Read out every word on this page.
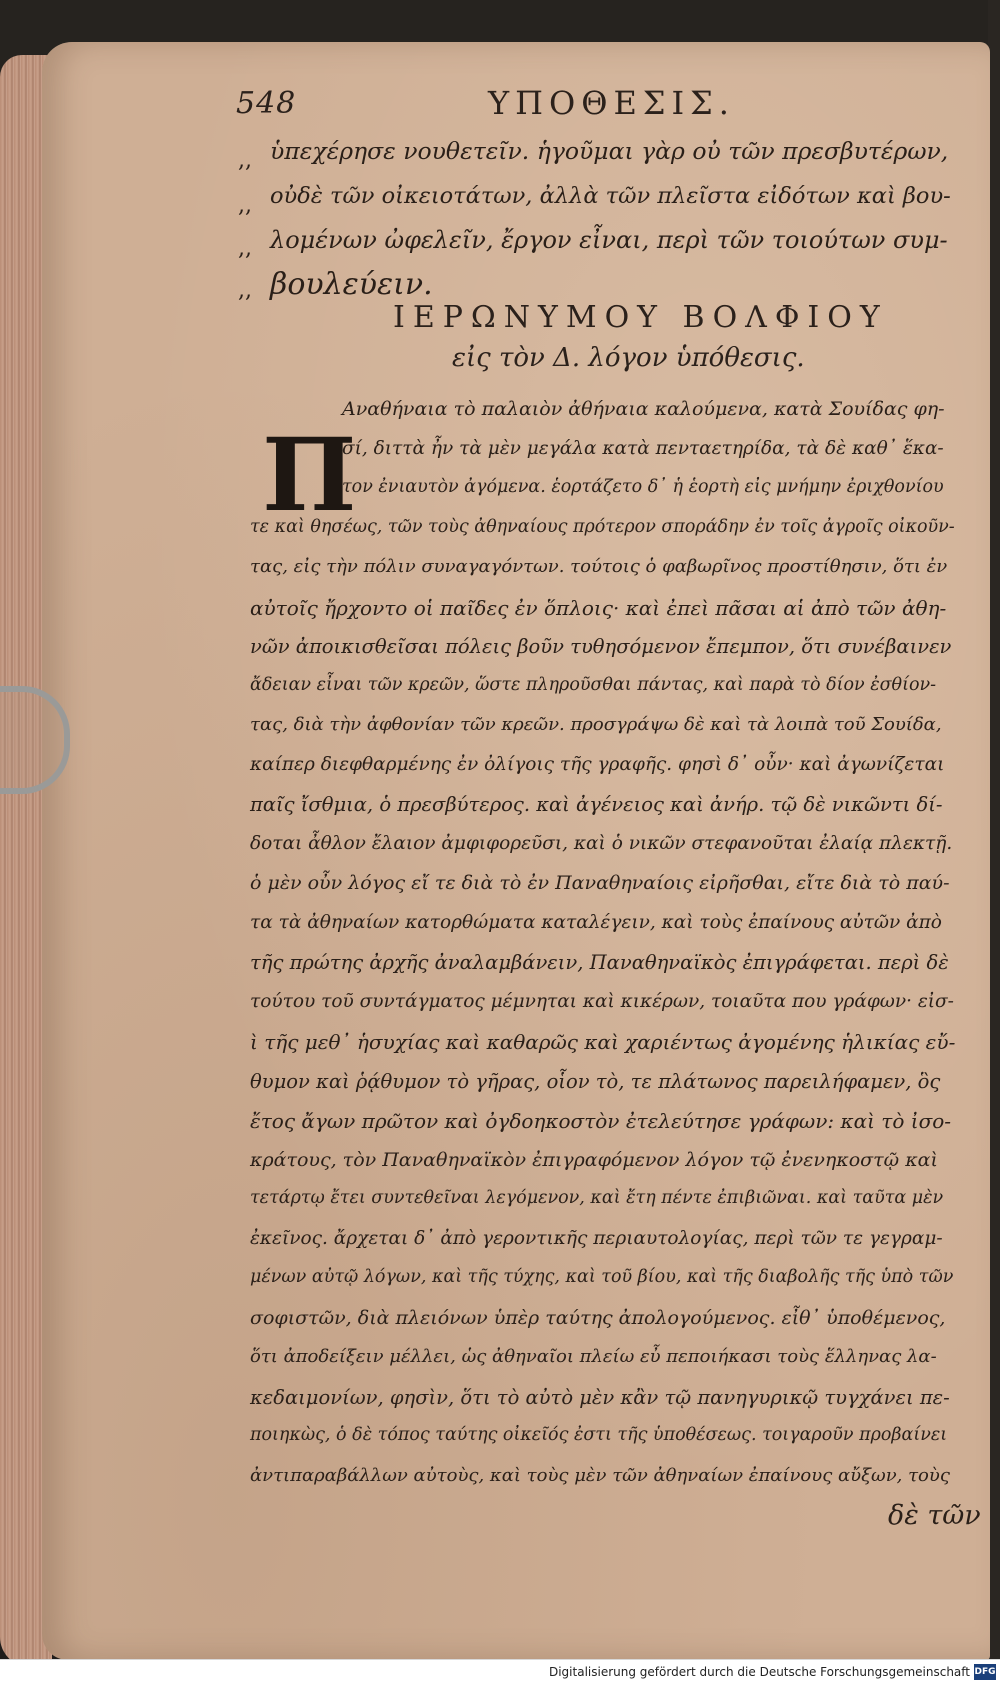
548	ΥΠΟΘΕΣΙΣ.
,, ὑπεχέρησε νουθετεῖν. ἡγοῦμαι γὰρ οὐ τῶν πρεσβυτέρων,
,, οὐδὲ τῶν οἰκειοτάτων, ἀλλὰ τῶν πλεῖστα εἰδότων καὶ βου-
,, λομένων ὠφελεῖν, ἔργον εἶναι, περὶ τῶν τοιούτων συμ-
,, βουλεύειν.
ΙΕΡΩΝΥΜΟΥ ΒΟΛΦΙΟΥ
εἰς τὸν Δ. λόγον ὑπόθεσις.
Π
Αναθήναια τὸ παλαιὸν ἀθήναια καλούμενα, κατὰ Σουίδας φη-
σί, διττὰ ἦν τὰ μὲν μεγάλα κατὰ πενταετηρίδα, τὰ δὲ καθ᾽ ἕκα-
τον ἐνιαυτὸν ἀγόμενα. ἑορτάζετο δ᾽ ἡ ἑορτὴ εἰς μνήμην ἐριχθονίου
τε καὶ θησέως, τῶν τοὺς ἀθηναίους πρότερον σποράδην ἐν τοῖς ἀγροῖς οἰκοῦν-
τας, εἰς τὴν πόλιν συναγαγόντων. τούτοις ὁ φαβωρῖνος προστίθησιν, ὅτι ἐν
αὐτοῖς ἤρχοντο οἱ παῖδες ἐν ὅπλοις· καὶ ἐπεὶ πᾶσαι αἱ ἀπὸ τῶν ἀθη-
νῶν ἀποικισθεῖσαι πόλεις βοῦν τυθησόμενον ἔπεμπον, ὅτι συνέβαινεν
ἄδειαν εἶναι τῶν κρεῶν, ὥστε πληροῦσθαι πάντας, καὶ παρὰ τὸ δίον ἐσθίον-
τας, διὰ τὴν ἀφθονίαν τῶν κρεῶν. προσγράψω δὲ καὶ τὰ λοιπὰ τοῦ Σουίδα,
καίπερ διεφθαρμένης ἐν ὀλίγοις τῆς γραφῆς. φησὶ δ᾽ οὖν· καὶ ἀγωνίζεται
παῖς ἴσθμια, ὁ πρεσβύτερος. καὶ ἀγένειος καὶ ἀνήρ. τῷ δὲ νικῶντι δί-
δοται ἆθλον ἔλαιον ἀμφιφορεῦσι, καὶ ὁ νικῶν στεφανοῦται ἐλαίᾳ πλεκτῇ.
ὁ μὲν οὖν λόγος εἴ τε διὰ τὸ ἐν Παναθηναίοις εἰρῆσθαι, εἴτε διὰ τὸ παύ-
τα τὰ ἀθηναίων κατορθώματα καταλέγειν, καὶ τοὺς ἐπαίνους αὐτῶν ἀπὸ
τῆς πρώτης ἀρχῆς ἀναλαμβάνειν, Παναθηναϊκὸς ἐπιγράφεται. περὶ δὲ
τούτου τοῦ συντάγματος μέμνηται καὶ κικέρων, τοιαῦτα που γράφων· εἰσ-
ὶ τῆς μεθ᾽ ἡσυχίας καὶ καθαρῶς καὶ χαριέντως ἀγομένης ἡλικίας εὔ-
θυμον καὶ ῥᾴθυμον τὸ γῆρας, οἷον τὸ, τε πλάτωνος παρειλήφαμεν, ὃς
ἔτος ἄγων πρῶτον καὶ ὀγδοηκοστὸν ἐτελεύτησε γράφων: καὶ τὸ ἰσο-
κράτους, τὸν Παναθηναϊκὸν ἐπιγραφόμενον λόγον τῷ ἐνενηκοστῷ καὶ
τετάρτῳ ἔτει συντεθεῖναι λεγόμενον, καὶ ἔτη πέντε ἐπιβιῶναι. καὶ ταῦτα μὲν
ἐκεῖνος. ἄρχεται δ᾽ ἀπὸ γεροντικῆς περιαυτολογίας, περὶ τῶν τε γεγραμ-
μένων αὐτῷ λόγων, καὶ τῆς τύχης, καὶ τοῦ βίου, καὶ τῆς διαβολῆς τῆς ὑπὸ τῶν
σοφιστῶν, διὰ πλειόνων ὑπὲρ ταύτης ἀπολογούμενος. εἶθ᾽ ὑποθέμενος,
ὅτι ἀποδείξειν μέλλει, ὡς ἀθηναῖοι πλείω εὖ πεποιήκασι τοὺς ἕλληνας λα-
κεδαιμονίων, φησὶν, ὅτι τὸ αὐτὸ μὲν κἂν τῷ πανηγυρικῷ τυγχάνει πε-
ποιηκὼς, ὁ δὲ τόπος ταύτης οἰκεῖός ἐστι τῆς ὑποθέσεως. τοιγαροῦν προβαίνει
ἀντιπαραβάλλων αὐτοὺς, καὶ τοὺς μὲν τῶν ἀθηναίων ἐπαίνους αὔξων, τοὺς
δὲ τῶν
Digitalisierung gefördert durch die Deutsche Forschungsgemeinschaft DFG
